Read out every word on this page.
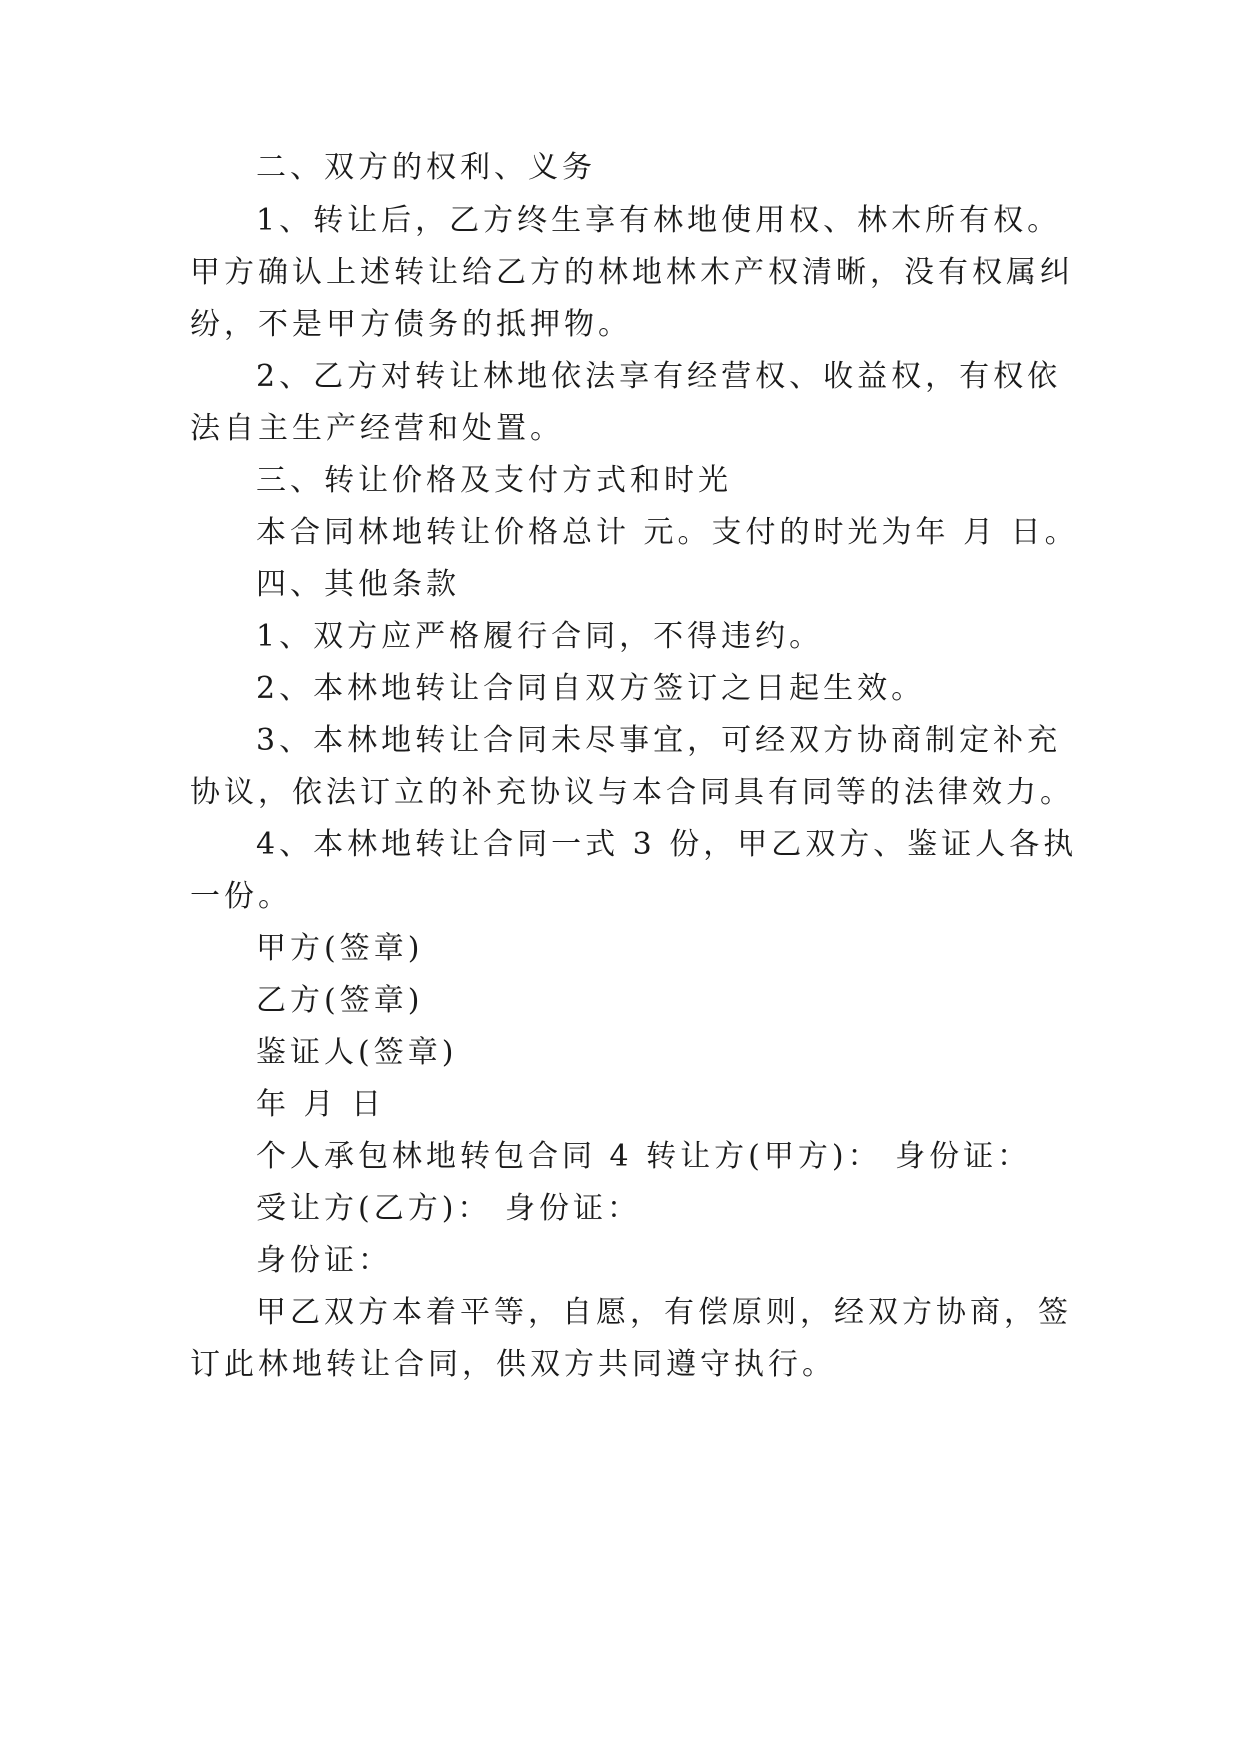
二、双方的权利、义务
1、转让后，乙方终生享有林地使用权、林木所有权。
甲方确认上述转让给乙方的林地林木产权清晰，没有权属纠
纷，不是甲方债务的抵押物。
2、乙方对转让林地依法享有经营权、收益权，有权依
法自主生产经营和处置。
三、转让价格及支付方式和时光
本合同林地转让价格总计 元。支付的时光为年 月 日。
四、其他条款
1、双方应严格履行合同，不得违约。
2、本林地转让合同自双方签订之日起生效。
3、本林地转让合同未尽事宜，可经双方协商制定补充
协议，依法订立的补充协议与本合同具有同等的法律效力。
4、本林地转让合同一式 3 份，甲乙双方、鉴证人各执
一份。
甲方(签章)
乙方(签章)
鉴证人(签章)
年 月 日
个人承包林地转包合同 4 转让方(甲方)： 身份证：
受让方(乙方)： 身份证：
身份证：
甲乙双方本着平等，自愿，有偿原则，经双方协商，签
订此林地转让合同，供双方共同遵守执行。
